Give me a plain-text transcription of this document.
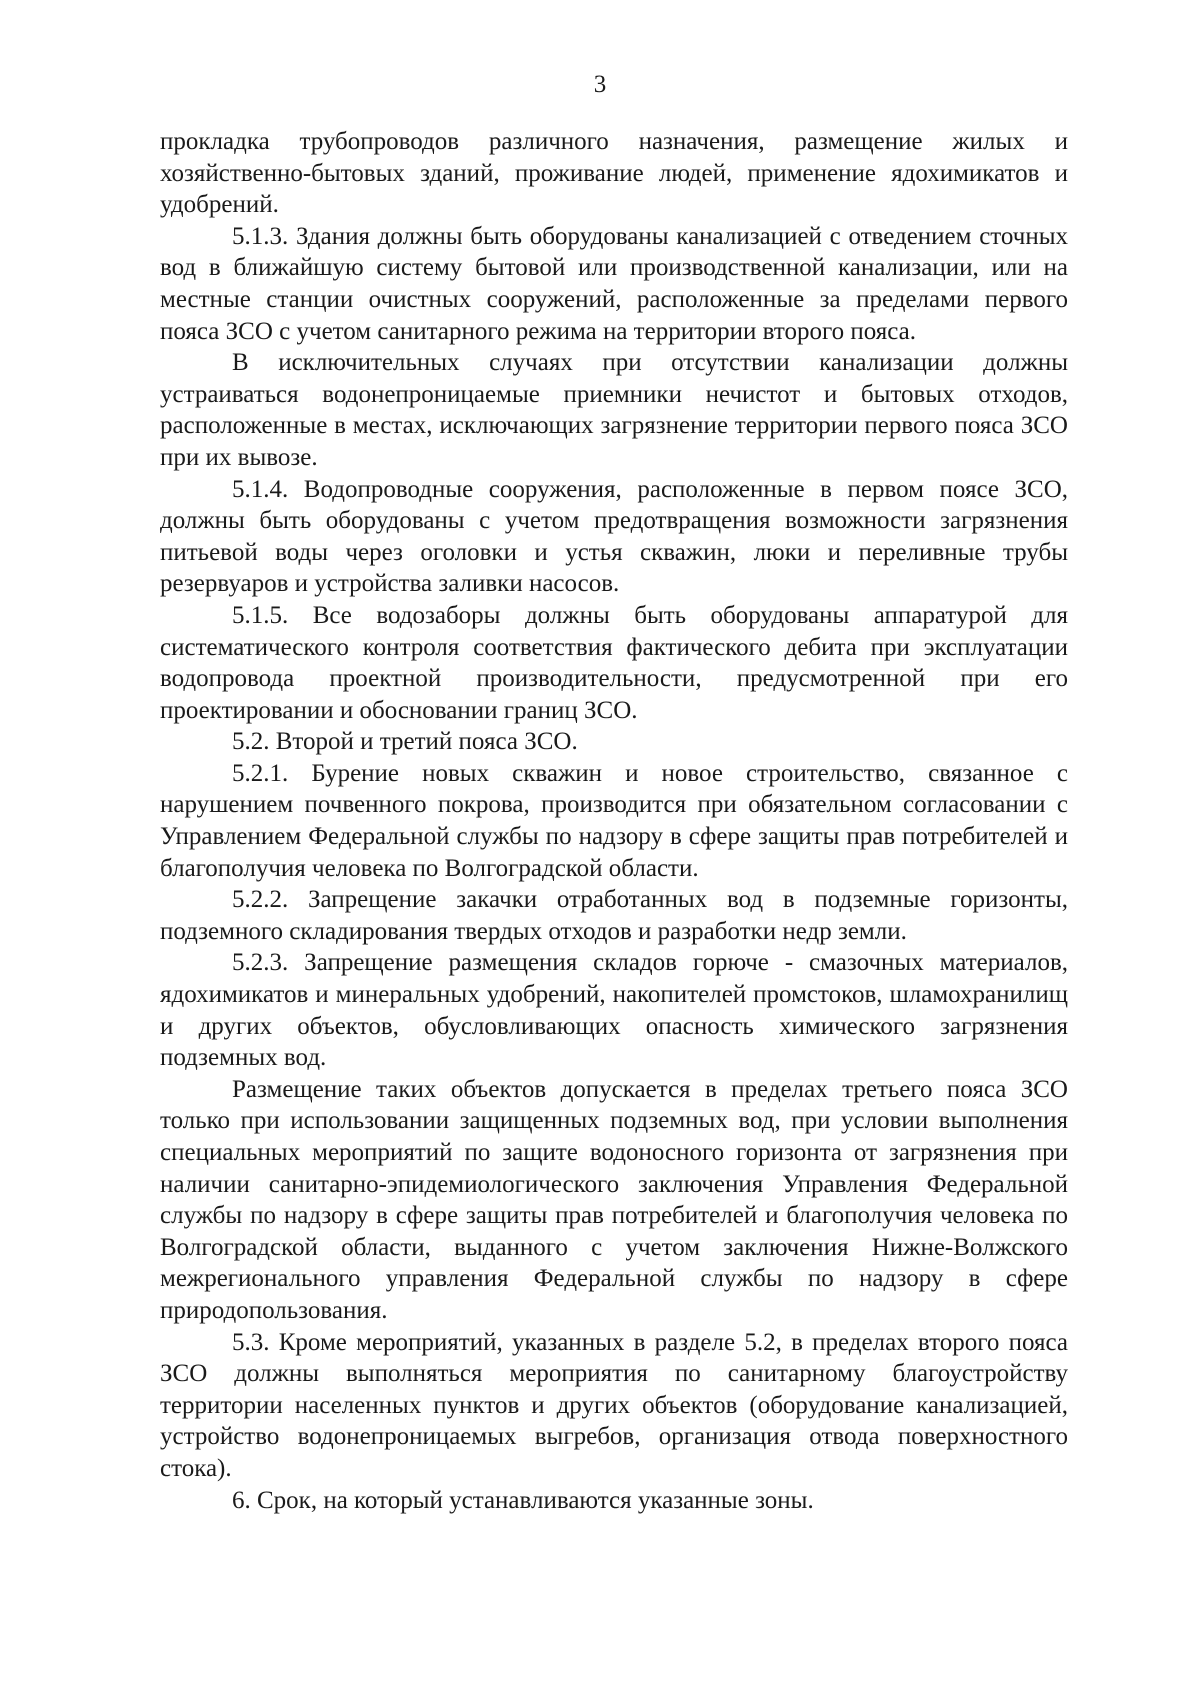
3

прокладка трубопроводов различного назначения, размещение жилых и хозяйственно-бытовых зданий, проживание людей, применение ядохимикатов и удобрений.

5.1.3. Здания должны быть оборудованы канализацией с отведением сточных вод в ближайшую систему бытовой или производственной канализации, или на местные станции очистных сооружений, расположенные за пределами первого пояса ЗСО с учетом санитарного режима на территории второго пояса.

В исключительных случаях при отсутствии канализации должны устраиваться водонепроницаемые приемники нечистот и бытовых отходов, расположенные в местах, исключающих загрязнение территории первого пояса ЗСО при их вывозе.

5.1.4. Водопроводные сооружения, расположенные в первом поясе ЗСО, должны быть оборудованы с учетом предотвращения возможности загрязнения питьевой воды через оголовки и устья скважин, люки и переливные трубы резервуаров и устройства заливки насосов.

5.1.5. Все водозаборы должны быть оборудованы аппаратурой для систематического контроля соответствия фактического дебита при эксплуатации водопровода проектной производительности, предусмотренной при его проектировании и обосновании границ ЗСО.

5.2. Второй и третий пояса ЗСО.

5.2.1. Бурение новых скважин и новое строительство, связанное с нарушением почвенного покрова, производится при обязательном согласовании с Управлением Федеральной службы по надзору в сфере защиты прав потребителей и благополучия человека по Волгоградской области.

5.2.2. Запрещение закачки отработанных вод в подземные горизонты, подземного складирования твердых отходов и разработки недр земли.

5.2.3. Запрещение размещения складов горюче - смазочных материалов, ядохимикатов и минеральных удобрений, накопителей промстоков, шламохранилищ и других объектов, обусловливающих опасность химического загрязнения подземных вод.

Размещение таких объектов допускается в пределах третьего пояса ЗСО только при использовании защищенных подземных вод, при условии выполнения специальных мероприятий по защите водоносного горизонта от загрязнения при наличии санитарно-эпидемиологического заключения Управления Федеральной службы по надзору в сфере защиты прав потребителей и благополучия человека по Волгоградской области, выданного с учетом заключения Нижне-Волжского межрегионального управления Федеральной службы по надзору в сфере природопользования.

5.3. Кроме мероприятий, указанных в разделе 5.2, в пределах второго пояса ЗСО должны выполняться мероприятия по санитарному благоустройству территории населенных пунктов и других объектов (оборудование канализацией, устройство водонепроницаемых выгребов, организация отвода поверхностного стока).

6. Срок, на который устанавливаются указанные зоны.
